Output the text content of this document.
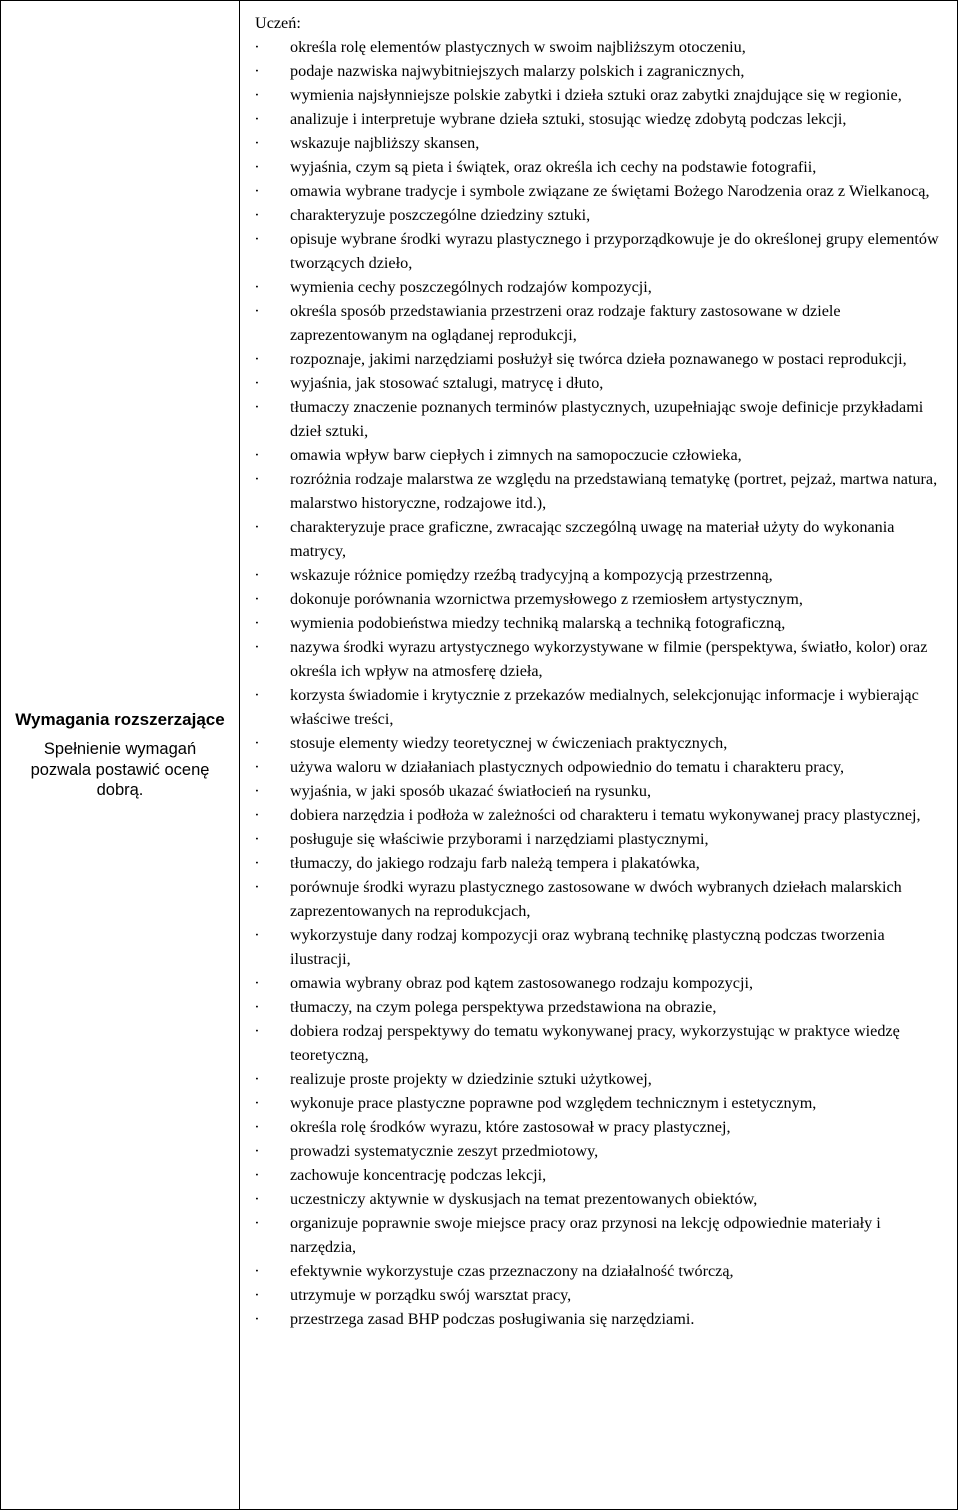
Wymagania rozszerzające
Spełnienie wymagań pozwala postawić ocenę dobrą.

Uczeń:

· określa rolę elementów plastycznych w swoim najbliższym otoczeniu,
· podaje nazwiska najwybitniejszych malarzy polskich i zagranicznych,
· wymienia najsłynniejsze polskie zabytki i dzieła sztuki oraz zabytki znajdujące się w regionie,
· analizuje i interpretuje wybrane dzieła sztuki, stosując wiedzę zdobytą podczas lekcji,
· wskazuje najbliższy skansen,
· wyjaśnia, czym są pieta i świątek, oraz określa ich cechy na podstawie fotografii,
· omawia wybrane tradycje i symbole związane ze świętami Bożego Narodzenia oraz z Wielkanocą,
· charakteryzuje poszczególne dziedziny sztuki,
· opisuje wybrane środki wyrazu plastycznego i przyporządkowuje je do określonej grupy elementów tworzących dzieło,
· wymienia cechy poszczególnych rodzajów kompozycji,
· określa sposób przedstawiania przestrzeni oraz rodzaje faktury zastosowane w dziele zaprezentowanym na oglądanej reprodukcji,
· rozpoznaje, jakimi narzędziami posłużył się twórca dzieła poznawanego w postaci reprodukcji,
· wyjaśnia, jak stosować sztalugi, matrycę i dłuto,
· tłumaczy znaczenie poznanych terminów plastycznych, uzupełniając swoje definicje przykładami dzieł sztuki,
· omawia wpływ barw ciepłych i zimnych na samopoczucie człowieka,
· rozróżnia rodzaje malarstwa ze względu na przedstawianą tematykę (portret, pejzaż, martwa natura, malarstwo historyczne, rodzajowe itd.),
· charakteryzuje prace graficzne, zwracając szczególną uwagę na materiał użyty do wykonania matrycy,
· wskazuje różnice pomiędzy rzeźbą tradycyjną a kompozycją przestrzenną,
· dokonuje porównania wzornictwa przemysłowego z rzemiosłem artystycznym,
· wymienia podobieństwa miedzy techniką malarską a techniką fotograficzną,
· nazywa środki wyrazu artystycznego wykorzystywane w filmie (perspektywa, światło, kolor) oraz określa ich wpływ na atmosferę dzieła,
· korzysta świadomie i krytycznie z przekazów medialnych, selekcjonując informacje i wybierając właściwe treści,
· stosuje elementy wiedzy teoretycznej w ćwiczeniach praktycznych,
· używa waloru w działaniach plastycznych odpowiednio do tematu i charakteru pracy,
· wyjaśnia, w jaki sposób ukazać światłocień na rysunku,
· dobiera narzędzia i podłoża w zależności od charakteru i tematu wykonywanej pracy plastycznej,
· posługuje się właściwie przyborami i narzędziami plastycznymi,
· tłumaczy, do jakiego rodzaju farb należą tempera i plakatówka,
· porównuje środki wyrazu plastycznego zastosowane w dwóch wybranych dziełach malarskich zaprezentowanych na reprodukcjach,
· wykorzystuje dany rodzaj kompozycji oraz wybraną technikę plastyczną podczas tworzenia ilustracji,
· omawia wybrany obraz pod kątem zastosowanego rodzaju kompozycji,
· tłumaczy, na czym polega perspektywa przedstawiona na obrazie,
· dobiera rodzaj perspektywy do tematu wykonywanej pracy, wykorzystując w praktyce wiedzę teoretyczną,
· realizuje proste projekty w dziedzinie sztuki użytkowej,
· wykonuje prace plastyczne poprawne pod względem technicznym i estetycznym,
· określa rolę środków wyrazu, które zastosował w pracy plastycznej,
· prowadzi systematycznie zeszyt przedmiotowy,
· zachowuje koncentrację podczas lekcji,
· uczestniczy aktywnie w dyskusjach na temat prezentowanych obiektów,
· organizuje poprawnie swoje miejsce pracy oraz przynosi na lekcję odpowiednie materiały i narzędzia,
· efektywnie wykorzystuje czas przeznaczony na działalność twórczą,
· utrzymuje w porządku swój warsztat pracy,
· przestrzega zasad BHP podczas posługiwania się narzędziami.
